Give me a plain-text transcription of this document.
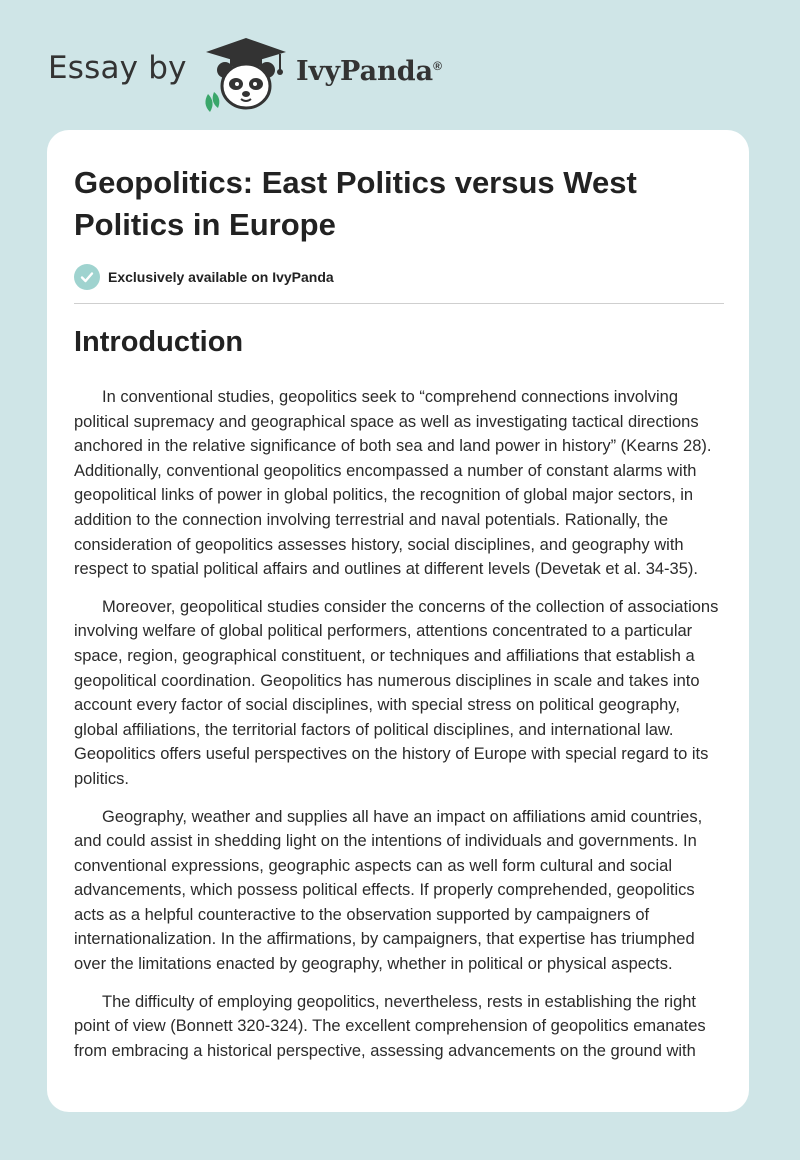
Essay by	IvyPanda®
Geopolitics: East Politics versus West Politics in Europe
Exclusively available on IvyPanda
Introduction

In conventional studies, geopolitics seek to “comprehend connections involving political supremacy and geographical space as well as investigating tactical directions anchored in the relative significance of both sea and land power in history” (Kearns 28). Additionally, conventional geopolitics encompassed a number of constant alarms with geopolitical links of power in global politics, the recognition of global major sectors, in addition to the connection involving terrestrial and naval potentials. Rationally, the consideration of geopolitics assesses history, social disciplines, and geography with respect to spatial political affairs and outlines at different levels (Devetak et al. 34-35).

Moreover, geopolitical studies consider the concerns of the collection of associations involving welfare of global political performers, attentions concentrated to a particular space, region, geographical constituent, or techniques and affiliations that establish a geopolitical coordination. Geopolitics has numerous disciplines in scale and takes into account every factor of social disciplines, with special stress on political geography, global affiliations, the territorial factors of political disciplines, and international law. Geopolitics offers useful perspectives on the history of Europe with special regard to its politics.

Geography, weather and supplies all have an impact on affiliations amid countries, and could assist in shedding light on the intentions of individuals and governments. In conventional expressions, geographic aspects can as well form cultural and social advancements, which possess political effects. If properly comprehended, geopolitics acts as a helpful counteractive to the observation supported by campaigners of internationalization. In the affirmations, by campaigners, that expertise has triumphed over the limitations enacted by geography, whether in political or physical aspects.

The difficulty of employing geopolitics, nevertheless, rests in establishing the right point of view (Bonnett 320-324). The excellent comprehension of geopolitics emanates from embracing a historical perspective, assessing advancements on the ground with
